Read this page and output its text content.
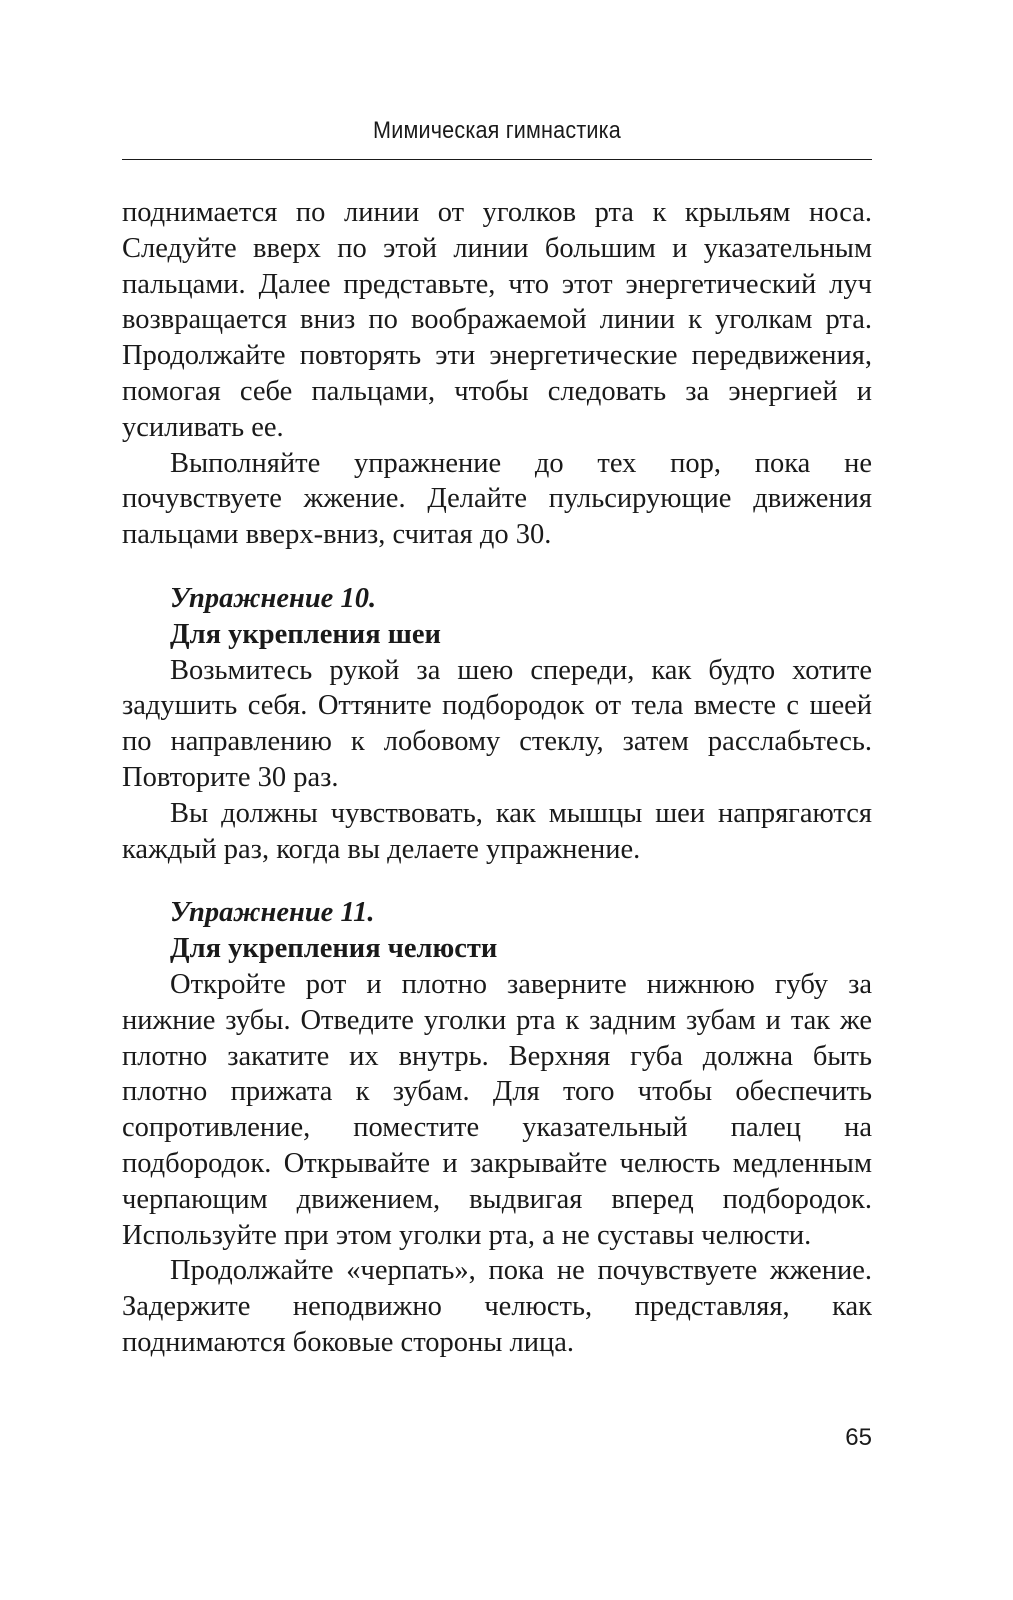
Мимическая гимнастика

поднимается по линии от уголков рта к крыльям носа. Следуйте вверх по этой линии большим и указательным пальцами. Далее представьте, что этот энергетический луч возвращается вниз по воображаемой линии к уголкам рта. Продолжайте повторять эти энергетические передвижения, помогая себе пальцами, чтобы следовать за энергией и усиливать ее.

Выполняйте упражнение до тех пор, пока не почувствуете жжение. Делайте пульсирующие движения пальцами вверх-вниз, считая до 30.

Упражнение 10.
Для укрепления шеи

Возьмитесь рукой за шею спереди, как будто хотите задушить себя. Оттяните подбородок от тела вместе с шеей по направлению к лобовому стеклу, затем расслабьтесь. Повторите 30 раз.

Вы должны чувствовать, как мышцы шеи напрягаются каждый раз, когда вы делаете упражнение.

Упражнение 11.
Для укрепления челюсти

Откройте рот и плотно заверните нижнюю губу за нижние зубы. Отведите уголки рта к задним зубам и так же плотно закатите их внутрь. Верхняя губа должна быть плотно прижата к зубам. Для того чтобы обеспечить сопротивление, поместите указательный палец на подбородок. Открывайте и закрывайте челюсть медленным черпающим движением, выдвигая вперед подбородок. Используйте при этом уголки рта, а не суставы челюсти.

Продолжайте «черпать», пока не почувствуете жжение. Задержите неподвижно челюсть, представляя, как поднимаются боковые стороны лица.

65
